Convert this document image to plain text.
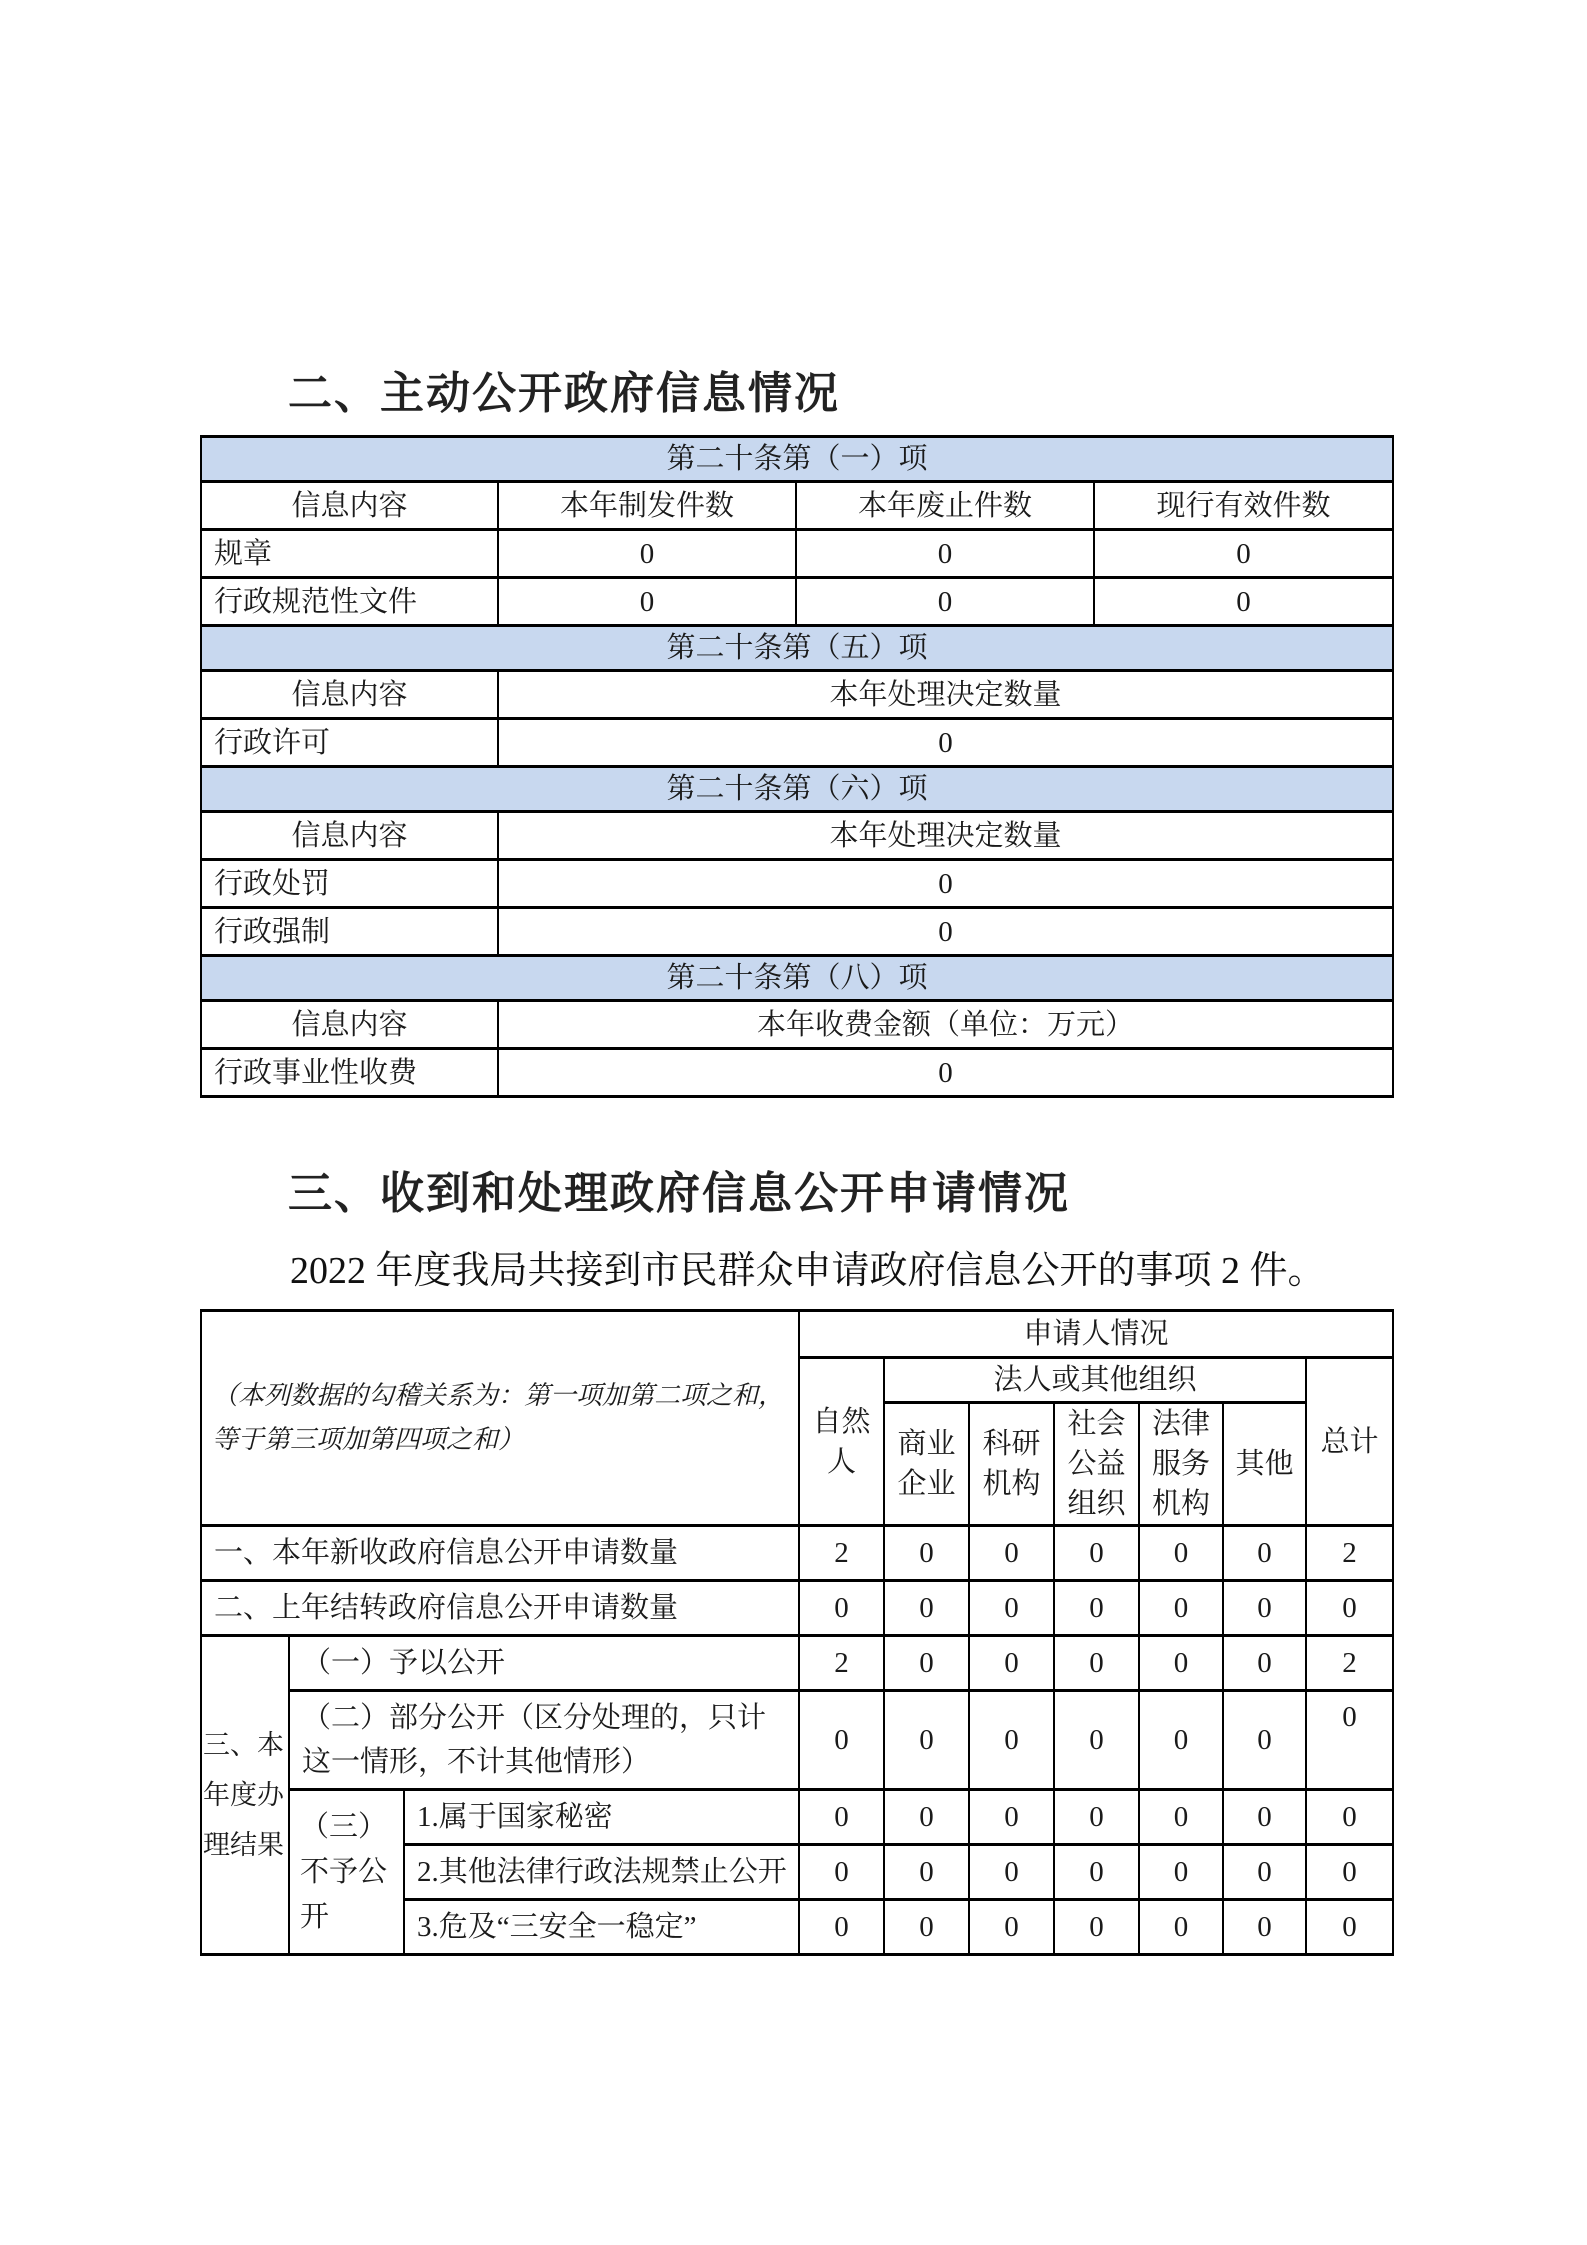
二、主动公开政府信息情况
第二十条第（一）项			
信息内容	本年制发件数	本年废止件数	现行有效件数
规章	0	0	0
行政规范性文件	0	0	0
第二十条第（五）项			
信息内容	本年处理决定数量		
行政许可	0		
第二十条第（六）项			
信息内容	本年处理决定数量		
行政处罚	0		
行政强制	0		
第二十条第（八）项			
信息内容	本年收费金额（单位：万元）		
行政事业性收费	0		
三、收到和处理政府信息公开申请情况

2022 年度我局共接到市民群众申请政府信息公开的事项 2 件。

（本列数据的勾稽关系为：第一项加第二项之和，等于第三项加第四项之和）			申请人情况						
			自然人	法人或其他组织					总计
				商业企业	科研机构	社会公益组织	法律服务机构	其他	
一、本年新收政府信息公开申请数量			2	0	0	0	0	0	2
二、上年结转政府信息公开申请数量			0	0	0	0	0	0	0
三、本年度办理结果	（一）予以公开		2	0	0	0	0	0	2
	（二）部分公开（区分处理的，只计这一情形，不计其他情形）		0	0	0	0	0	0	0
	（三）不予公开	1.属于国家秘密	0	0	0	0	0	0	0
		2.其他法律行政法规禁止公开	0	0	0	0	0	0	0
		3.危及“三安全一稳定”	0	0	0	0	0	0	0
